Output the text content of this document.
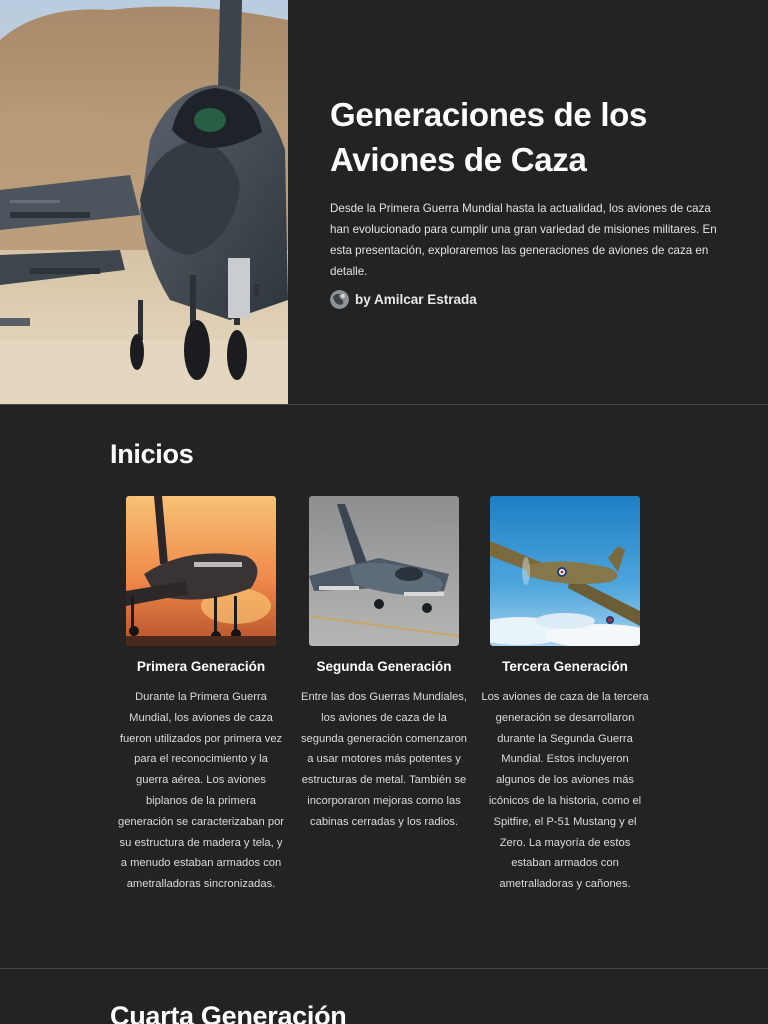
306
Generaciones de los Aviones de Caza

Desde la Primera Guerra Mundial hasta la actualidad, los aviones de caza han evolucionado para cumplir una gran variedad de misiones militares. En esta presentación, exploraremos las generaciones de aviones de caza en detalle.

by Amilcar Estrada
Inicios
Primera Generación

Durante la Primera Guerra Mundial, los aviones de caza fueron utilizados por primera vez para el reconocimiento y la guerra aérea. Los aviones biplanos de la primera generación se caracterizaban por su estructura de madera y tela, y a menudo estaban armados con ametralladoras sincronizadas.

Segunda Generación

Entre las dos Guerras Mundiales, los aviones de caza de la segunda generación comenzaron a usar motores más potentes y estructuras de metal. También se incorporaron mejoras como las cabinas cerradas y los radios.

Tercera Generación

Los aviones de caza de la tercera generación se desarrollaron durante la Segunda Guerra Mundial. Estos incluyeron algunos de los aviones más icónicos de la historia, como el Spitfire, el P-51 Mustang y el Zero. La mayoría de estos estaban armados con ametralladoras y cañones.

Cuarta Generación
